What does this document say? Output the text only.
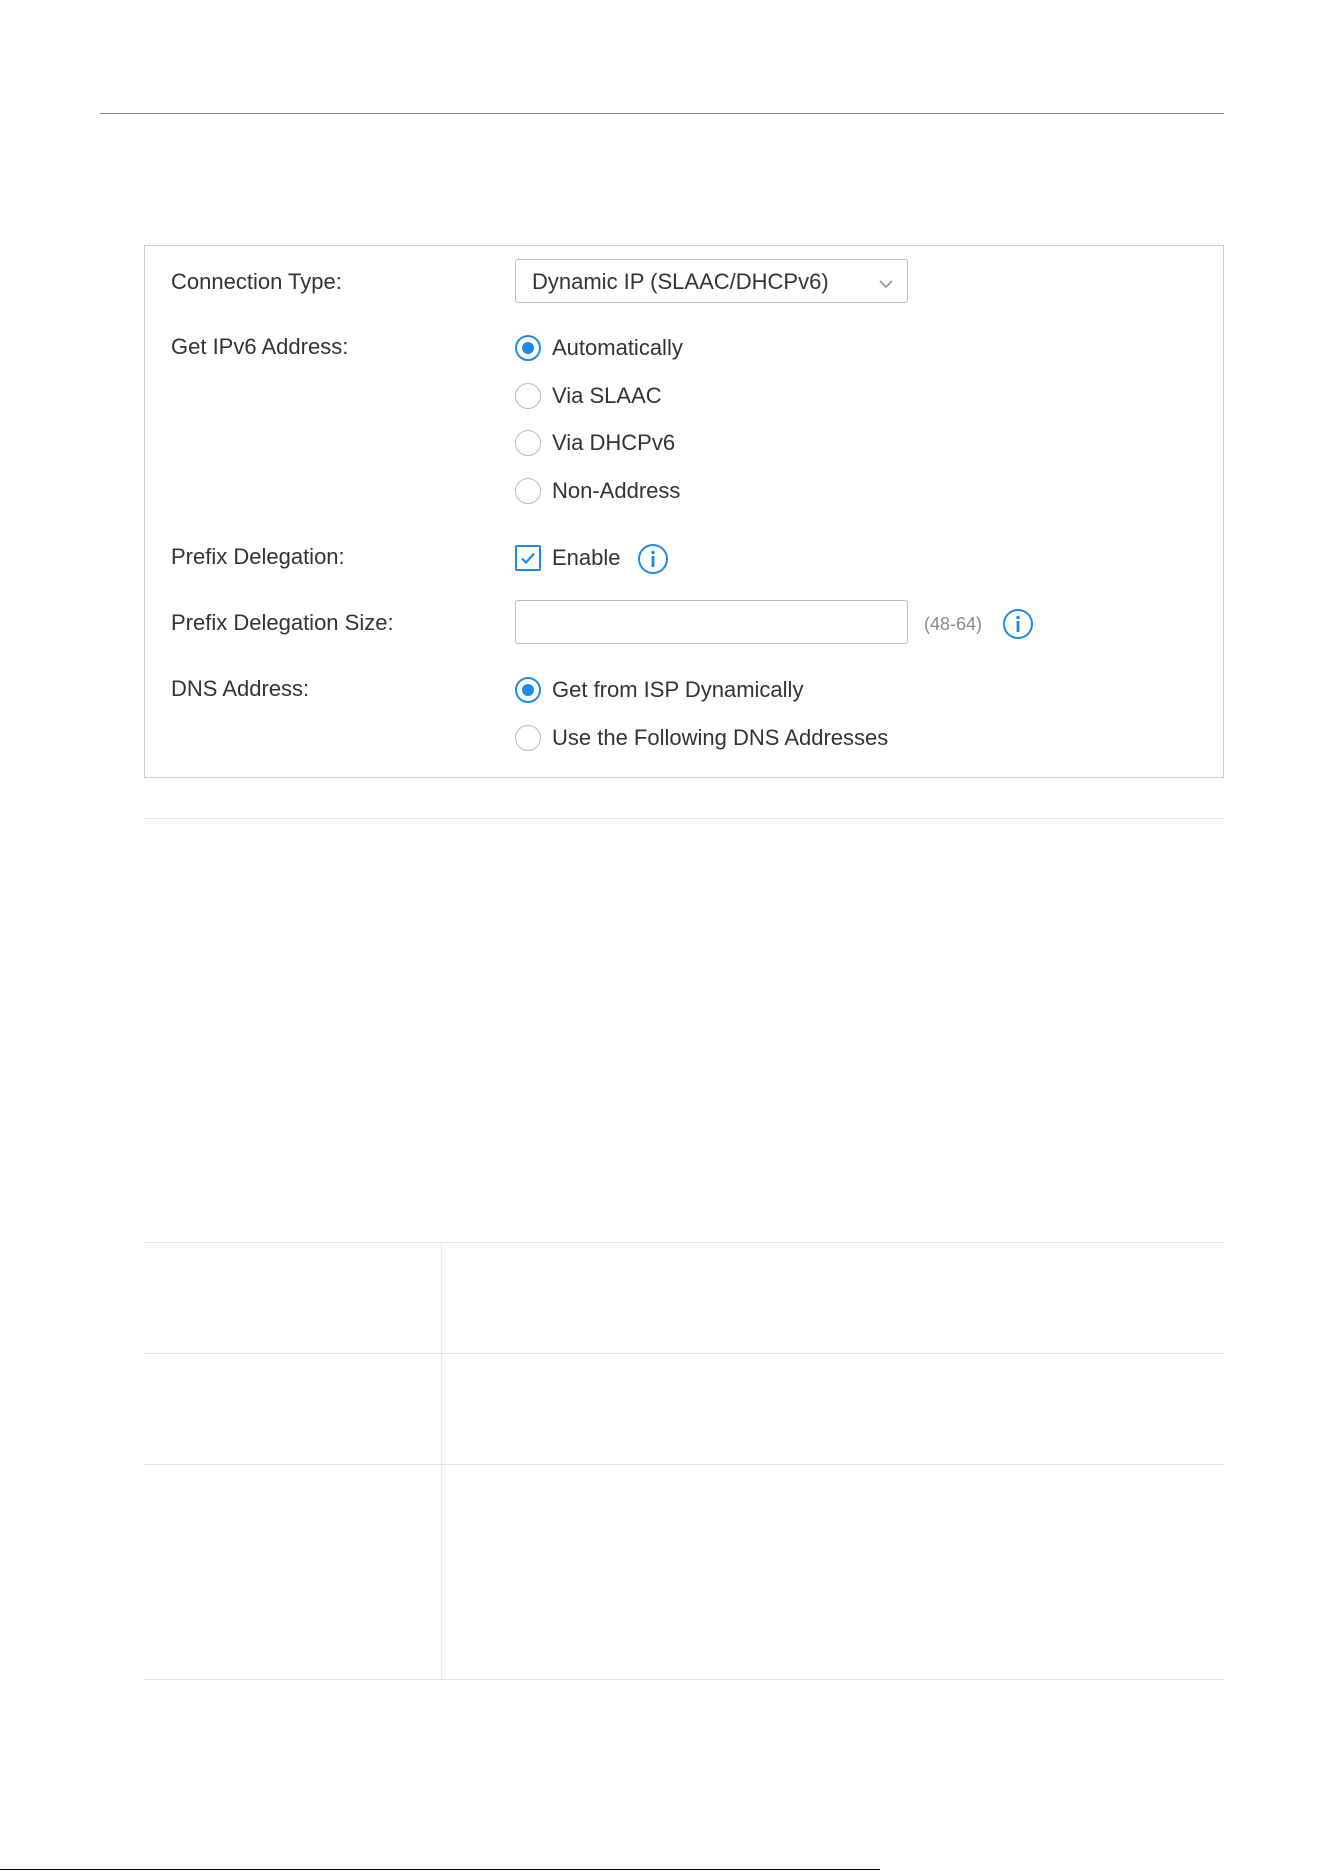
Connection Type:	Dynamic IP (SLAAC/DHCPv6)
Get IPv6 Address:	Automatically
Via SLAAC
Via DHCPv6
Non-Address
Prefix Delegation:	Enable
Prefix Delegation Size:	(48-64)
DNS Address:	Get from ISP Dynamically
Use the Following DNS Addresses
